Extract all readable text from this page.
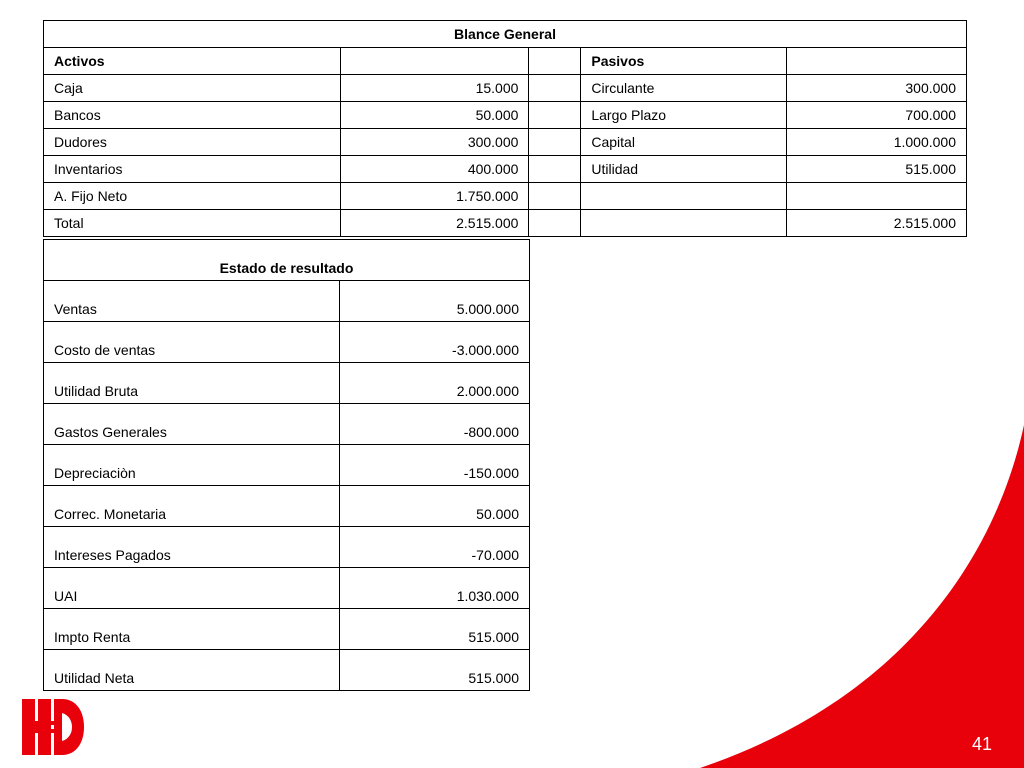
Blance General				
Activos			Pasivos	
Caja	15.000		Circulante	300.000
Bancos	50.000		Largo Plazo	700.000
Dudores	300.000		Capital	1.000.000
Inventarios	400.000		Utilidad	515.000
A. Fijo Neto	1.750.000			
Total	2.515.000			2.515.000
Estado de resultado	
Ventas	5.000.000
Costo de ventas	-3.000.000
Utilidad Bruta	2.000.000
Gastos Generales	-800.000
Depreciaciòn	-150.000
Correc. Monetaria	50.000
Intereses Pagados	-70.000
UAI	1.030.000
Impto Renta	515.000
Utilidad Neta	515.000
41
